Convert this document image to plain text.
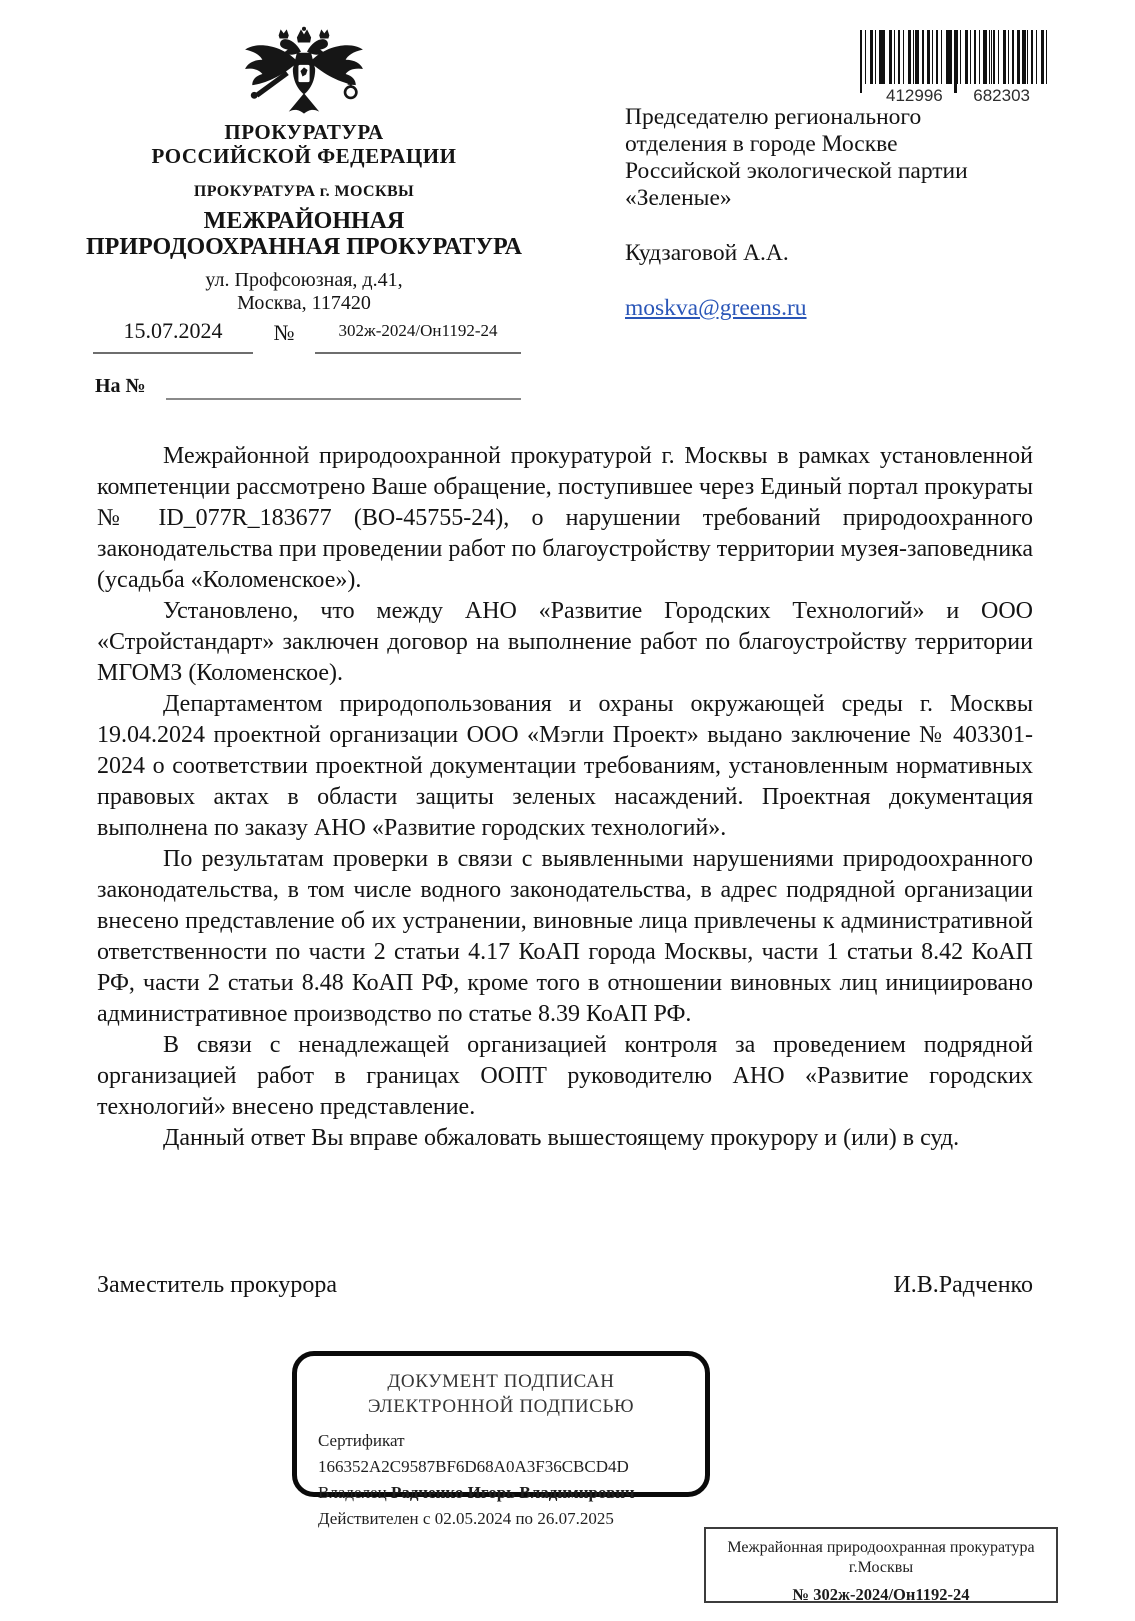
ПРОКУРАТУРА
РОССИЙСКОЙ ФЕДЕРАЦИИ
ПРОКУРАТУРА г. МОСКВЫ
МЕЖРАЙОННАЯ
ПРИРОДООХРАННАЯ ПРОКУРАТУРА
ул. Профсоюзная, д.41,
Москва, 117420
15.07.2024	№	302ж-2024/Он1192-24
На №
412996 682303
Председателю регионального
отделения в городе Москве
Российской экологической партии
«Зеленые»
Кудзаговой А.А.
moskva@greens.ru

Межрайонной природоохранной прокуратурой г. Москвы в рамках установленной компетенции рассмотрено Ваше обращение, поступившее через Единый портал прокураты № ID_077R_183677 (ВО-45755-24), о нарушении требований природоохранного законодательства при проведении работ по благоустройству территории музея-заповедника (усадьба «Коломенское»).

Установлено, что между АНО «Развитие Городских Технологий» и ООО «Стройстандарт» заключен договор на выполнение работ по благоустройству территории МГОМЗ (Коломенское).

Департаментом природопользования и охраны окружающей среды г. Москвы 19.04.2024 проектной организации ООО «Мэгли Проект» выдано заключение № 403301-2024 о соответствии проектной документации требованиям, установленным нормативных правовых актах в области защиты зеленых насаждений. Проектная документация выполнена по заказу АНО «Развитие городских технологий».

По результатам проверки в связи с выявленными нарушениями природоохранного законодательства, в том числе водного законодательства, в адрес подрядной организации внесено представление об их устранении, виновные лица привлечены к административной ответственности по части 2 статьи 4.17 КоАП города Москвы, части 1 статьи 8.42 КоАП РФ, части 2 статьи 8.48 КоАП РФ, кроме того в отношении виновных лиц инициировано административное производство по статье 8.39 КоАП РФ.

В связи с ненадлежащей организацией контроля за проведением подрядной организацией работ в границах ООПТ руководителю АНО «Развитие городских технологий» внесено представление.

Данный ответ Вы вправе обжаловать вышестоящему прокурору и (или) в суд.

Заместитель прокурора	И.В.Радченко
ДОКУМЕНТ ПОДПИСАН
ЭЛЕКТРОННОЙ ПОДПИСЬЮ
Сертификат 166352A2C9587BF6D68A0A3F36CBCD4D
Владелец Радченко Игорь Владимирович
Действителен с 02.05.2024 по 26.07.2025
Межрайонная природоохранная прокуратура
г.Москвы
№ 302ж-2024/Он1192-24
